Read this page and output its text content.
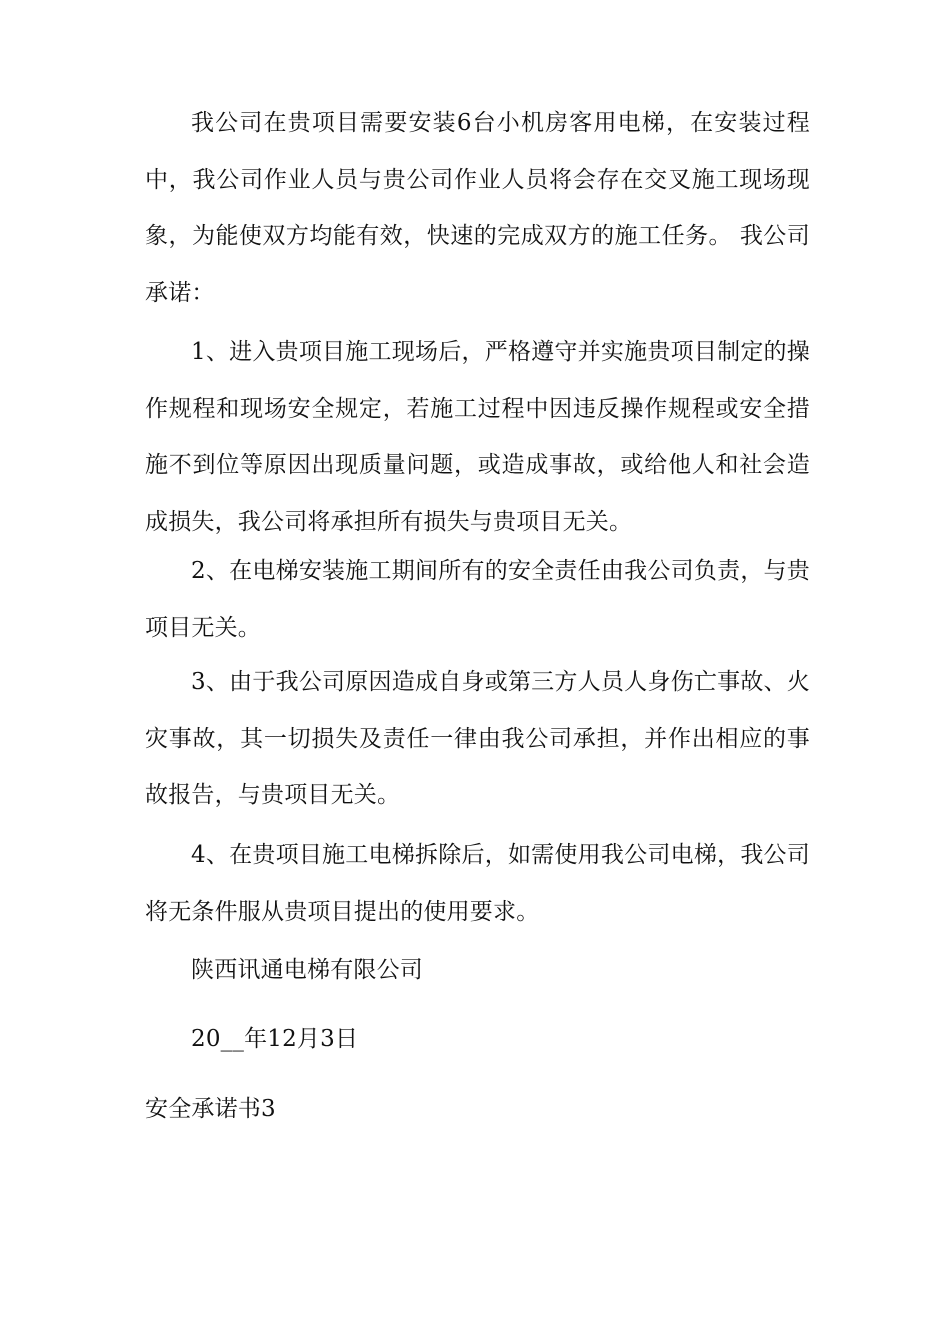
我公司在贵项目需要安装6台小机房客用电梯，在安装过程中，我公司作业人员与贵公司作业人员将会存在交叉施工现场现象，为能使双方均能有效，快速的完成双方的施工任务。 我公司承诺：

1、进入贵项目施工现场后，严格遵守并实施贵项目制定的操作规程和现场安全规定，若施工过程中因违反操作规程或安全措施不到位等原因出现质量问题，或造成事故，或给他人和社会造成损失，我公司将承担所有损失与贵项目无关。

2、在电梯安装施工期间所有的安全责任由我公司负责，与贵项目无关。

3、由于我公司原因造成自身或第三方人员人身伤亡事故、火灾事故，其一切损失及责任一律由我公司承担，并作出相应的事故报告，与贵项目无关。

4、在贵项目施工电梯拆除后，如需使用我公司电梯，我公司将无条件服从贵项目提出的使用要求。

陕西讯通电梯有限公司

20__年12月3日

安全承诺书3
